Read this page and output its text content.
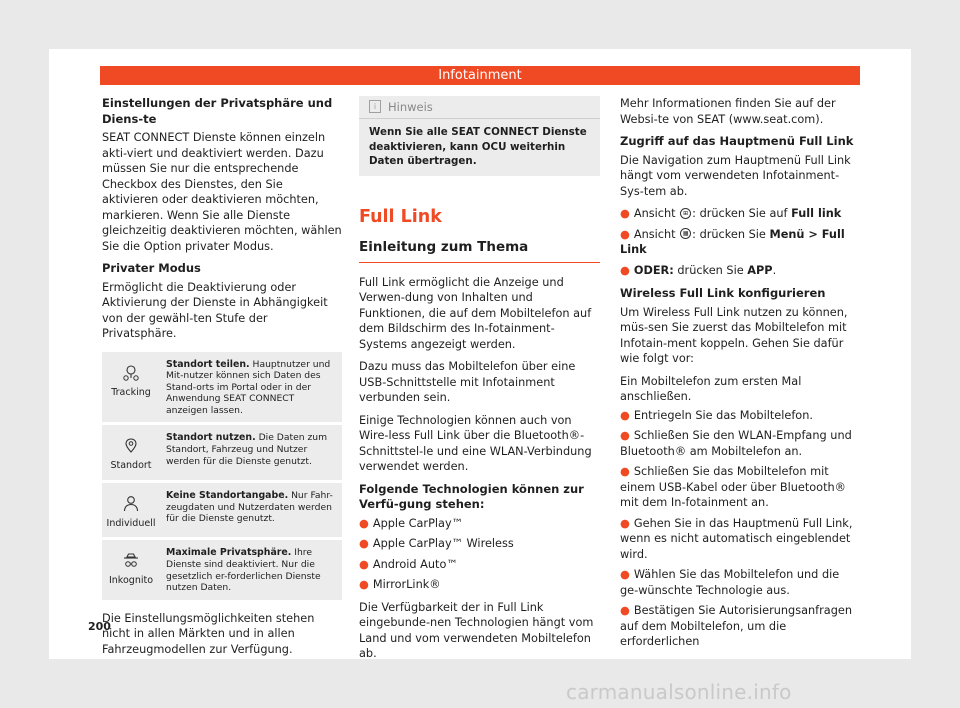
Infotainment
Einstellungen der Privatsphäre und Diens-te

SEAT CONNECT Dienste können einzeln akti-viert und deaktiviert werden. Dazu müssen Sie nur die entsprechende Checkbox des Dienstes, den Sie aktivieren oder deaktivieren möchten, markieren. Wenn Sie alle Dienste gleichzeitig deaktivieren möchten, wählen Sie die Option privater Modus.

Privater Modus

Ermöglicht die Deaktivierung oder Aktivierung der Dienste in Abhängigkeit von der gewähl-ten Stufe der Privatsphäre.

Tracking	Standort teilen. Hauptnutzer und Mit-nutzer können sich Daten des Stand-orts im Portal oder in der Anwendung SEAT CONNECT anzeigen lassen.

Standort	Standort nutzen. Die Daten zum Standort, Fahrzeug und Nutzer werden für die Dienste genutzt.

Individuell	Keine Standortangabe. Nur Fahr-zeugdaten und Nutzerdaten werden für die Dienste genutzt.

Inkognito	Maximale Privatsphäre. Ihre Dienste sind deaktiviert. Nur die gesetzlich er-forderlichen Dienste nutzen Daten.

Die Einstellungsmöglichkeiten stehen nicht in allen Märkten und in allen Fahrzeugmodellen zur Verfügung.

i Hinweis
Wenn Sie alle SEAT CONNECT Dienste deaktivieren, kann OCU weiterhin Daten übertragen.
Full Link
Einleitung zum Thema

Full Link ermöglicht die Anzeige und Verwen-dung von Inhalten und Funktionen, die auf dem Mobiltelefon auf dem Bildschirm des In-fotainment-Systems angezeigt werden.

Dazu muss das Mobiltelefon über eine USB-Schnittstelle mit Infotainment verbunden sein.

Einige Technologien können auch von Wire-less Full Link über die Bluetooth®-Schnittstel-le und eine WLAN-Verbindung verwendet werden.

Folgende Technologien können zur Verfü-gung stehen:
● Apple CarPlay™
● Apple CarPlay™ Wireless
● Android Auto™
● MirrorLink®

Die Verfügbarkeit der in Full Link eingebunde-nen Technologien hängt vom Land und vom verwendeten Mobiltelefon ab.

Mehr Informationen finden Sie auf der Websi-te von SEAT (www.seat.com).

Zugriff auf das Hauptmenü Full Link

Die Navigation zum Hauptmenü Full Link hängt vom verwendeten Infotainment-Sys-tem ab.

● Ansicht ⊞ : drücken Sie auf Full link
● Ansicht ▦ : drücken Sie Menü > Full Link
● ODER: drücken Sie APP.
Wireless Full Link konfigurieren

Um Wireless Full Link nutzen zu können, müs-sen Sie zuerst das Mobiltelefon mit Infotain-ment koppeln. Gehen Sie dafür wie folgt vor:

Ein Mobiltelefon zum ersten Mal anschließen.

● Entriegeln Sie das Mobiltelefon.
● Schließen Sie den WLAN-Empfang und Bluetooth® am Mobiltelefon an.
● Schließen Sie das Mobiltelefon mit einem USB-Kabel oder über Bluetooth® mit dem In-fotainment an.
● Gehen Sie in das Hauptmenü Full Link, wenn es nicht automatisch eingeblendet wird.
● Wählen Sie das Mobiltelefon und die ge-wünschte Technologie aus.
● Bestätigen Sie Autorisierungsanfragen auf dem Mobiltelefon, um die erforderlichen
200
carmanualsonline.info
